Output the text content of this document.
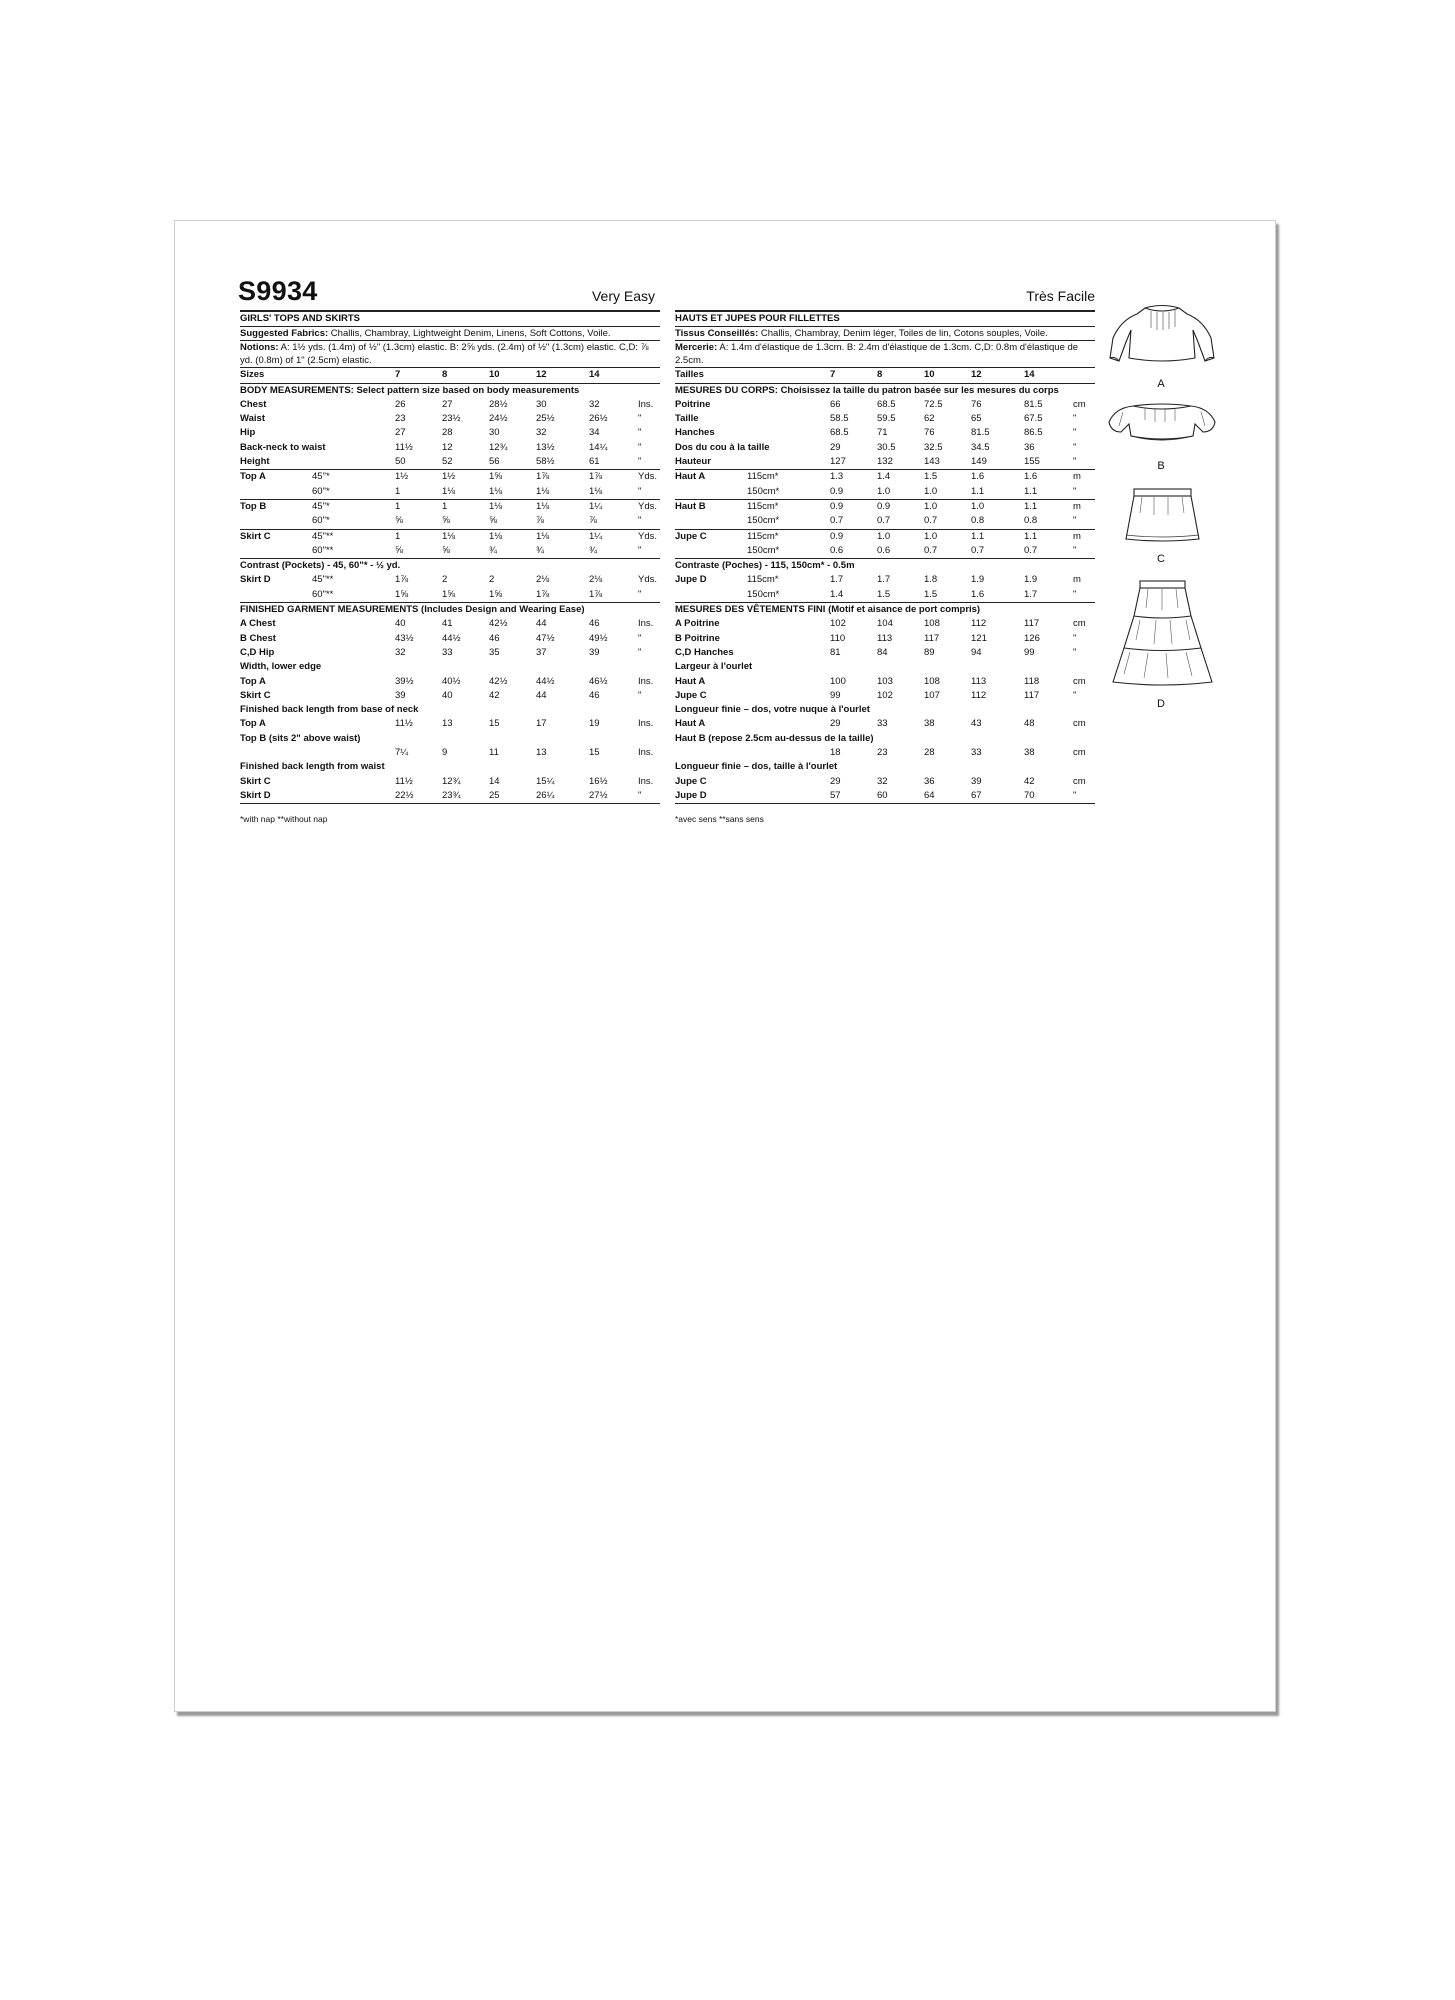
S9934	Very Easy	Très Facile
GIRLS' TOPS AND SKIRTS
Suggested Fabrics: Challis, Chambray, Lightweight Denim, Linens, Soft Cottons, Voile.
Notions: A: 1½ yds. (1.4m) of ½" (1.3cm) elastic. B: 2⅝ yds. (2.4m) of ½" (1.3cm) elastic. C,D: ⅞ yd. (0.8m) of 1" (2.5cm) elastic.
Sizes	7	8	10	12	14
BODY MEASUREMENTS: Select pattern size based on body measurements
Chest	26	27	28½	30	32	Ins.
Waist	23	23½	24½	25½	26½	"
Hip	27	28	30	32	34	"
Back-neck to waist	11½	12	12¾	13½	14¼	"
Height	50	52	56	58½	61	"
Top A	45"*	1½	1½	1⅝	1⅞	1⅞	Yds.
60"*	1	1⅛	1⅛	1⅛	1⅛	"
Top B	45"*	1	1	1⅛	1⅛	1¼	Yds.
60"*	⅝	⅝	⅝	⅞	⅞	"
Skirt C	45"**	1	1⅛	1⅛	1⅛	1¼	Yds.
60"**	⅝	⅝	¾	¾	¾	"
Contrast (Pockets) - 45, 60"* - ½ yd.
Skirt D	45"**	1⅞	2	2	2⅛	2⅛	Yds.
60"**	1⅝	1⅝	1⅝	1⅞	1⅞	"
FINISHED GARMENT MEASUREMENTS (Includes Design and Wearing Ease)
A Chest	40	41	42½	44	46	Ins.
B Chest	43½	44½	46	47½	49½	"
C,D Hip	32	33	35	37	39	"
Width, lower edge
Top A	39½	40½	42½	44½	46½	Ins.
Skirt C	39	40	42	44	46	"
Finished back length from base of neck
Top A	11½	13	15	17	19	Ins.
Top B (sits 2" above waist)
7¼	9	11	13	15	Ins.
Finished back length from waist
Skirt C	11½	12¾	14	15¼	16½	Ins.
Skirt D	22½	23¾	25	26¼	27½	"
*with nap **without nap
HAUTS ET JUPES POUR FILLETTES
Tissus Conseillés: Challis, Chambray, Denim léger, Toiles de lin, Cotons souples, Voile.
Mercerie: A: 1.4m d'élastique de 1.3cm. B: 2.4m d'élastique de 1.3cm. C,D: 0.8m d'élastique de 2.5cm.
Tailles	7	8	10	12	14
MESURES DU CORPS: Choisissez la taille du patron basée sur les mesures du corps
Poitrine	66	68.5	72.5	76	81.5	cm
Taille	58.5	59.5	62	65	67.5	"
Hanches	68.5	71	76	81.5	86.5	"
Dos du cou à la taille	29	30.5	32.5	34.5	36	"
Hauteur	127	132	143	149	155	"
Haut A	115cm*	1.3	1.4	1.5	1.6	1.6	m
150cm*	0.9	1.0	1.0	1.1	1.1	"
Haut B	115cm*	0.9	0.9	1.0	1.0	1.1	m
150cm*	0.7	0.7	0.7	0.8	0.8	"
Jupe C	115cm*	0.9	1.0	1.0	1.1	1.1	m
150cm*	0.6	0.6	0.7	0.7	0.7	"
Contraste (Poches) - 115, 150cm* - 0.5m
Jupe D	115cm*	1.7	1.7	1.8	1.9	1.9	m
150cm*	1.4	1.5	1.5	1.6	1.7	"
MESURES DES VÊTEMENTS FINI (Motif et aisance de port compris)
A Poitrine	102	104	108	112	117	cm
B Poitrine	110	113	117	121	126	"
C,D Hanches	81	84	89	94	99	"
Largeur à l'ourlet
Haut A	100	103	108	113	118	cm
Jupe C	99	102	107	112	117	"
Longueur finie – dos, votre nuque à l'ourlet
Haut A	29	33	38	43	48	cm
Haut B (repose 2.5cm au-dessus de la taille)
18	23	28	33	38	cm
Longueur finie – dos, taille à l'ourlet
Jupe C	29	32	36	39	42	cm
Jupe D	57	60	64	67	70	"
*avec sens **sans sens
A
B
C
D
